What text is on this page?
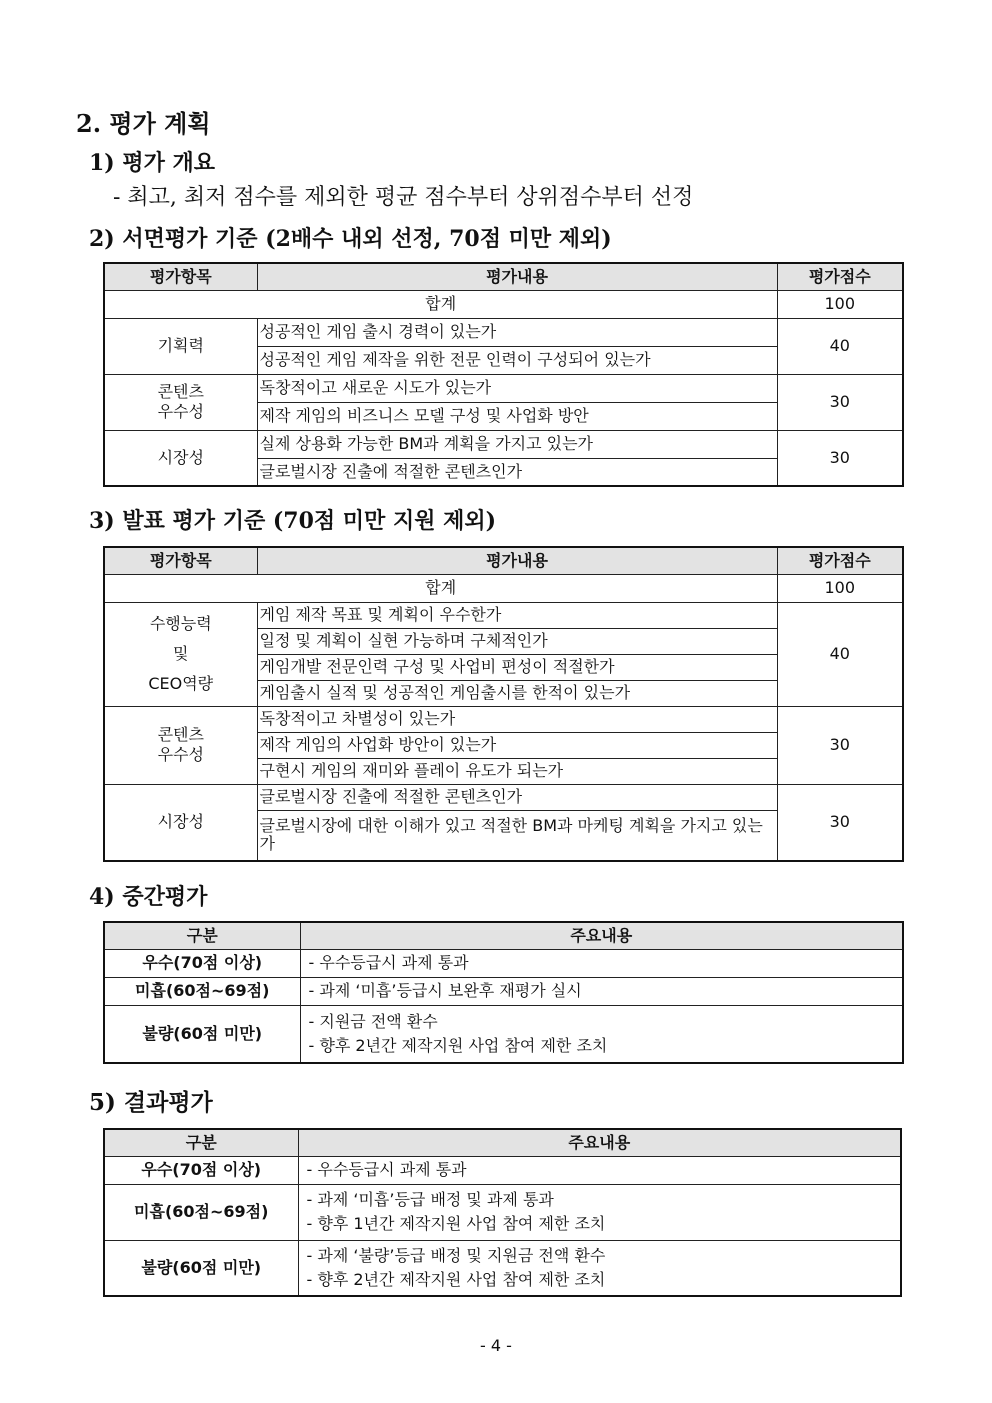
2. 평가 계획
1) 평가 개요
- 최고, 최저 점수를 제외한 평균 점수부터 상위점수부터 선정
2) 서면평가 기준 (2배수 내외 선정, 70점 미만 제외)
평가항목	평가내용	평가점수
합계		100

기획력	성공적인 게임 출시 경력이 있는가	40
	성공적인 게임 제작을 위한 전문 인력이 구성되어 있는가	

콘텐츠
우수성	독창적이고 새로운 시도가 있는가	30
	제작 게임의 비즈니스 모델 구성 및 사업화 방안	

시장성	실제 상용화 가능한 BM과 계획을 가지고 있는가	30
	글로벌시장 진출에 적절한 콘텐츠인가	
3) 발표 평가 기준 (70점 미만 지원 제외)
평가항목	평가내용	평가점수
합계		100

수행능력
및
CEO역량	게임 제작 목표 및 계획이 우수한가	40
	일정 및 계획이 실현 가능하며 구체적인가	
	게임개발 전문인력 구성 및 사업비 편성이 적절한가	
	게임출시 실적 및 성공적인 게임출시를 한적이 있는가	

콘텐츠
우수성	독창적이고 차별성이 있는가	30
	제작 게임의 사업화 방안이 있는가	
	구현시 게임의 재미와 플레이 유도가 되는가	

시장성	글로벌시장 진출에 적절한 콘텐츠인가	30
	글로벌시장에 대한 이해가 있고 적절한 BM과 마케팅 계획을 가지고 있는가	
4) 중간평가
구분	주요내용
우수(70점 이상)	- 우수등급시 과제 통과

미흡(60점~69점)	- 과제 ‘미흡’등급시 보완후 재평가 실시

불량(60점 미만)	- 지원금 전액 환수
- 향후 2년간 제작지원 사업 참여 제한 조치
5) 결과평가
구분	주요내용
우수(70점 이상)	- 우수등급시 과제 통과

미흡(60점~69점)	- 과제 ‘미흡’등급 배정 및 과제 통과
- 향후 1년간 제작지원 사업 참여 제한 조치

불량(60점 미만)	- 과제 ‘불량’등급 배정 및 지원금 전액 환수
- 향후 2년간 제작지원 사업 참여 제한 조치
- 4 -
